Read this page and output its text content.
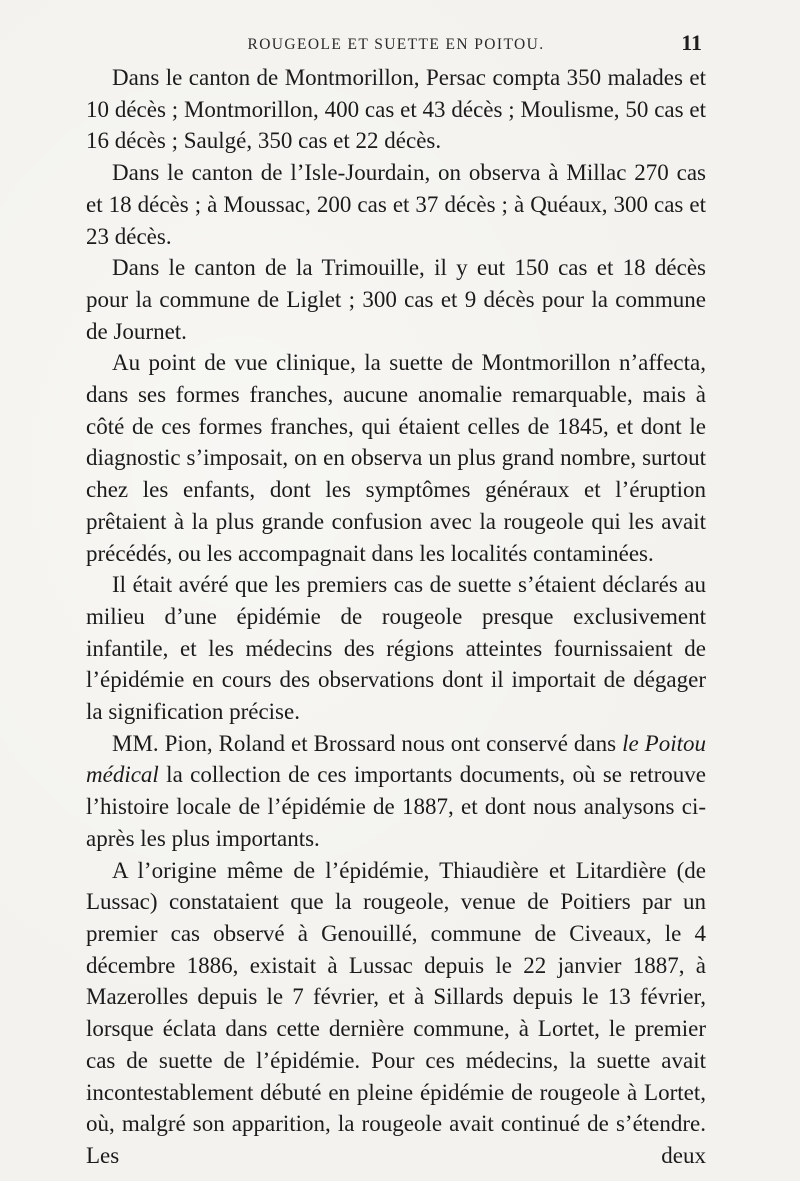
ROUGEOLE ET SUETTE EN POITOU.	11

Dans le canton de Montmorillon, Persac compta 350 malades et 10 décès ; Montmorillon, 400 cas et 43 décès ; Moulisme, 50 cas et 16 décès ; Saulgé, 350 cas et 22 décès.

Dans le canton de l’Isle-Jourdain, on observa à Millac 270 cas et 18 décès ; à Moussac, 200 cas et 37 décès ; à Quéaux, 300 cas et 23 décès.

Dans le canton de la Trimouille, il y eut 150 cas et 18 décès pour la commune de Liglet ; 300 cas et 9 décès pour la commune de Journet.

Au point de vue clinique, la suette de Montmorillon n’affecta, dans ses formes franches, aucune anomalie remarquable, mais à côté de ces formes franches, qui étaient celles de 1845, et dont le diagnostic s’imposait, on en observa un plus grand nombre, surtout chez les enfants, dont les symptômes généraux et l’éruption prêtaient à la plus grande confusion avec la rougeole qui les avait précédés, ou les accompagnait dans les localités contaminées.

Il était avéré que les premiers cas de suette s’étaient déclarés au milieu d’une épidémie de rougeole presque exclusivement infantile, et les médecins des régions atteintes fournissaient de l’épidémie en cours des observations dont il importait de dégager la signification précise.

MM. Pion, Roland et Brossard nous ont conservé dans le Poitou médical la collection de ces importants documents, où se retrouve l’histoire locale de l’épidémie de 1887, et dont nous analysons ci-après les plus importants.

A l’origine même de l’épidémie, Thiaudière et Litardière (de Lussac) constataient que la rougeole, venue de Poitiers par un premier cas observé à Genouillé, commune de Civeaux, le 4 décembre 1886, existait à Lussac depuis le 22 janvier 1887, à Mazerolles depuis le 7 février, et à Sillards depuis le 13 février, lorsque éclata dans cette dernière commune, à Lortet, le premier cas de suette de l’épidémie. Pour ces médecins, la suette avait incontestablement débuté en pleine épidémie de rougeole à Lortet, où, malgré son apparition, la rougeole avait continué de s’étendre. Les deux
